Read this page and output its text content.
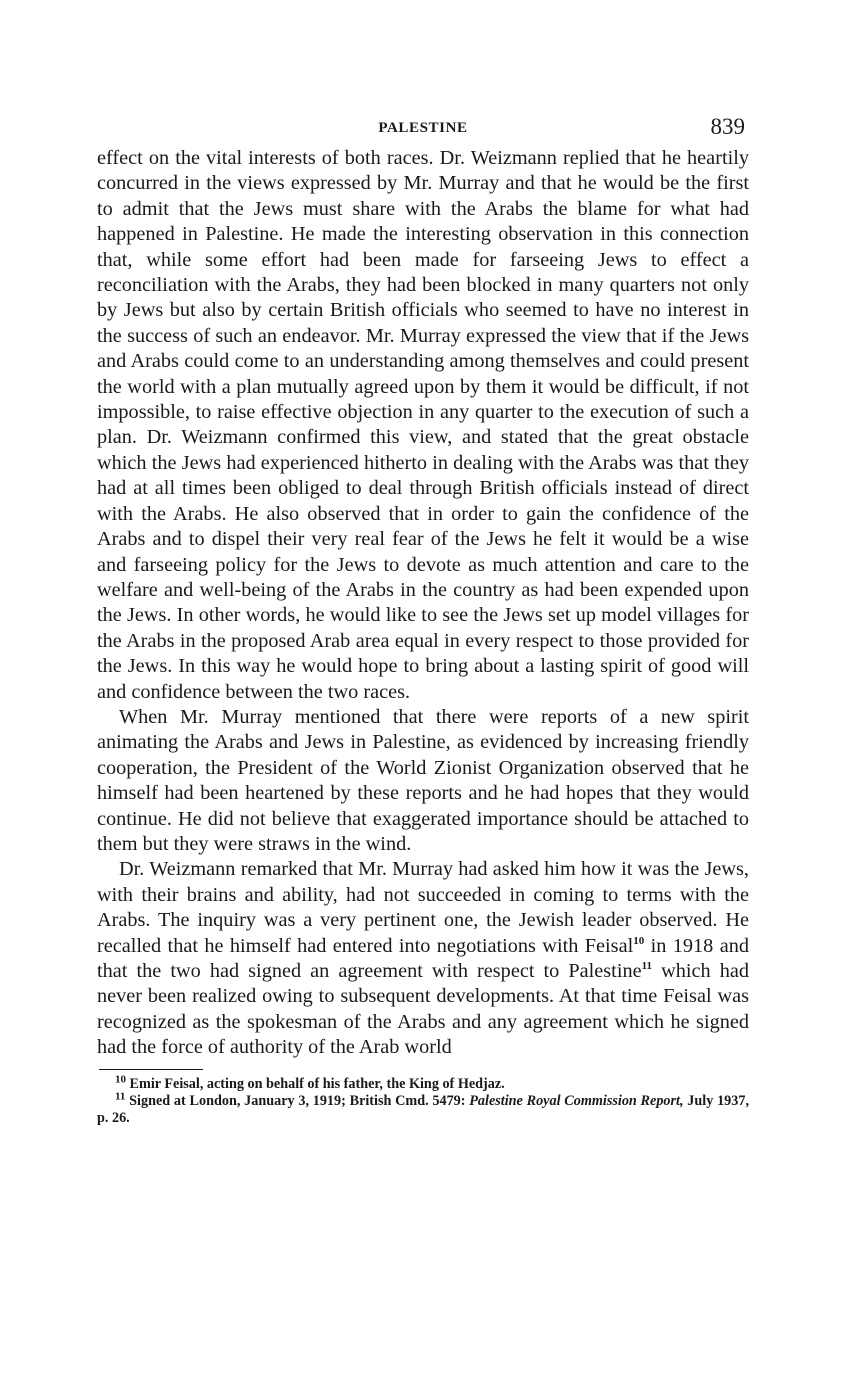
PALESTINE	839

effect on the vital interests of both races. Dr. Weizmann replied that he heartily concurred in the views expressed by Mr. Murray and that he would be the first to admit that the Jews must share with the Arabs the blame for what had happened in Palestine. He made the interesting observation in this connection that, while some effort had been made for farseeing Jews to effect a reconciliation with the Arabs, they had been blocked in many quarters not only by Jews but also by certain British officials who seemed to have no interest in the success of such an endeavor. Mr. Murray expressed the view that if the Jews and Arabs could come to an understanding among themselves and could present the world with a plan mutually agreed upon by them it would be difficult, if not impossible, to raise effective objection in any quarter to the execution of such a plan. Dr. Weizmann confirmed this view, and stated that the great obstacle which the Jews had experienced hitherto in dealing with the Arabs was that they had at all times been obliged to deal through British officials instead of direct with the Arabs. He also observed that in order to gain the confidence of the Arabs and to dispel their very real fear of the Jews he felt it would be a wise and farseeing policy for the Jews to devote as much attention and care to the welfare and well-being of the Arabs in the country as had been expended upon the Jews. In other words, he would like to see the Jews set up model villages for the Arabs in the proposed Arab area equal in every respect to those provided for the Jews. In this way he would hope to bring about a lasting spirit of good will and confidence between the two races.

When Mr. Murray mentioned that there were reports of a new spirit animating the Arabs and Jews in Palestine, as evidenced by increasing friendly cooperation, the President of the World Zionist Organization observed that he himself had been heartened by these reports and he had hopes that they would continue. He did not believe that exaggerated importance should be attached to them but they were straws in the wind.

Dr. Weizmann remarked that Mr. Murray had asked him how it was the Jews, with their brains and ability, had not succeeded in coming to terms with the Arabs. The inquiry was a very pertinent one, the Jewish leader observed. He recalled that he himself had entered into negotiations with Feisal$^{10}$ in 1918 and that the two had signed an agreement with respect to Palestine$^{11}$ which had never been realized owing to subsequent developments. At that time Feisal was recognized as the spokesman of the Arabs and any agreement which he signed had the force of authority of the Arab world

$^{10}$ Emir Feisal, acting on behalf of his father, the King of Hedjaz.

$^{11}$ Signed at London, January 3, 1919; British Cmd. 5479: Palestine Royal Commission Report, July 1937, p. 26.
